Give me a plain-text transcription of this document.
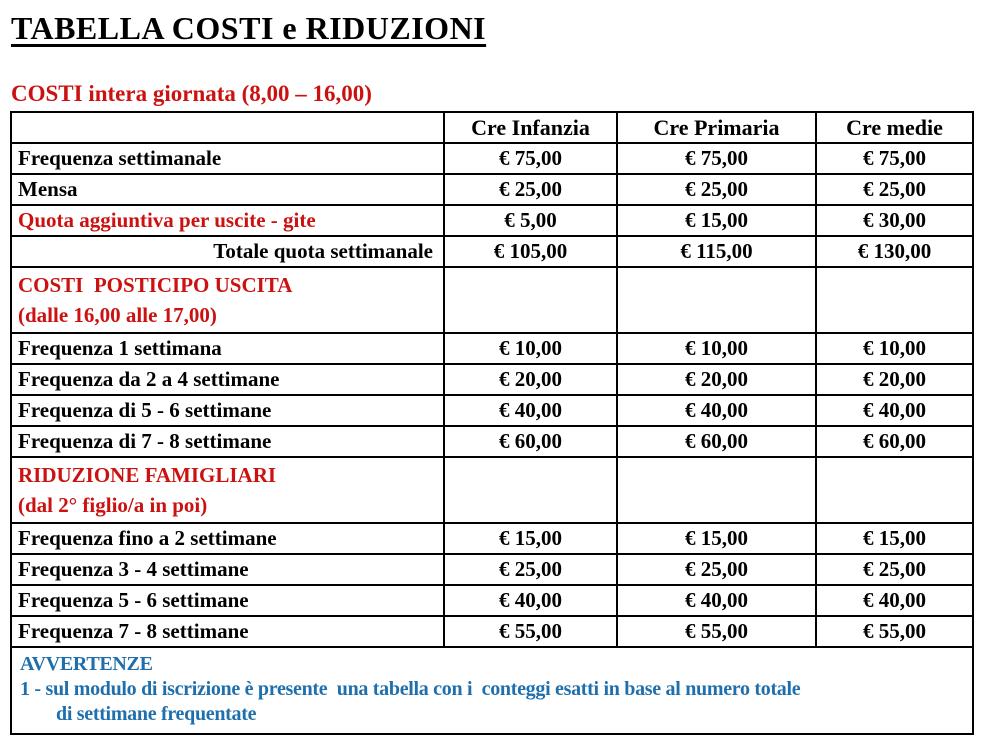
TABELLA COSTI e RIDUZIONI
COSTI intera giornata (8,00 – 16,00)
	Cre Infanzia	Cre Primaria	Cre medie
Frequenza settimanale	€ 75,00	€ 75,00	€ 75,00
Mensa	€ 25,00	€ 25,00	€ 25,00
Quota aggiuntiva per uscite - gite	€ 5,00	€ 15,00	€ 30,00
Totale quota settimanale	€ 105,00	€ 115,00	€ 130,00

COSTI  POSTICIPO USCITA
(dalle 16,00 alle 17,00)			

Frequenza 1 settimana	€ 10,00	€ 10,00	€ 10,00
Frequenza da 2 a 4 settimane	€ 20,00	€ 20,00	€ 20,00
Frequenza di 5 - 6 settimane	€ 40,00	€ 40,00	€ 40,00
Frequenza di 7 - 8 settimane	€ 60,00	€ 60,00	€ 60,00

RIDUZIONE FAMIGLIARI
(dal 2° figlio/a in poi)			

Frequenza fino a 2 settimane	€ 15,00	€ 15,00	€ 15,00
Frequenza 3 - 4 settimane	€ 25,00	€ 25,00	€ 25,00
Frequenza 5 - 6 settimane	€ 40,00	€ 40,00	€ 40,00
Frequenza 7 - 8 settimane	€ 55,00	€ 55,00	€ 55,00

AVVERTENZE
1 - sul modulo di iscrizione è presente  una tabella con i  conteggi esatti in base al numero totale
di settimane frequentate			
